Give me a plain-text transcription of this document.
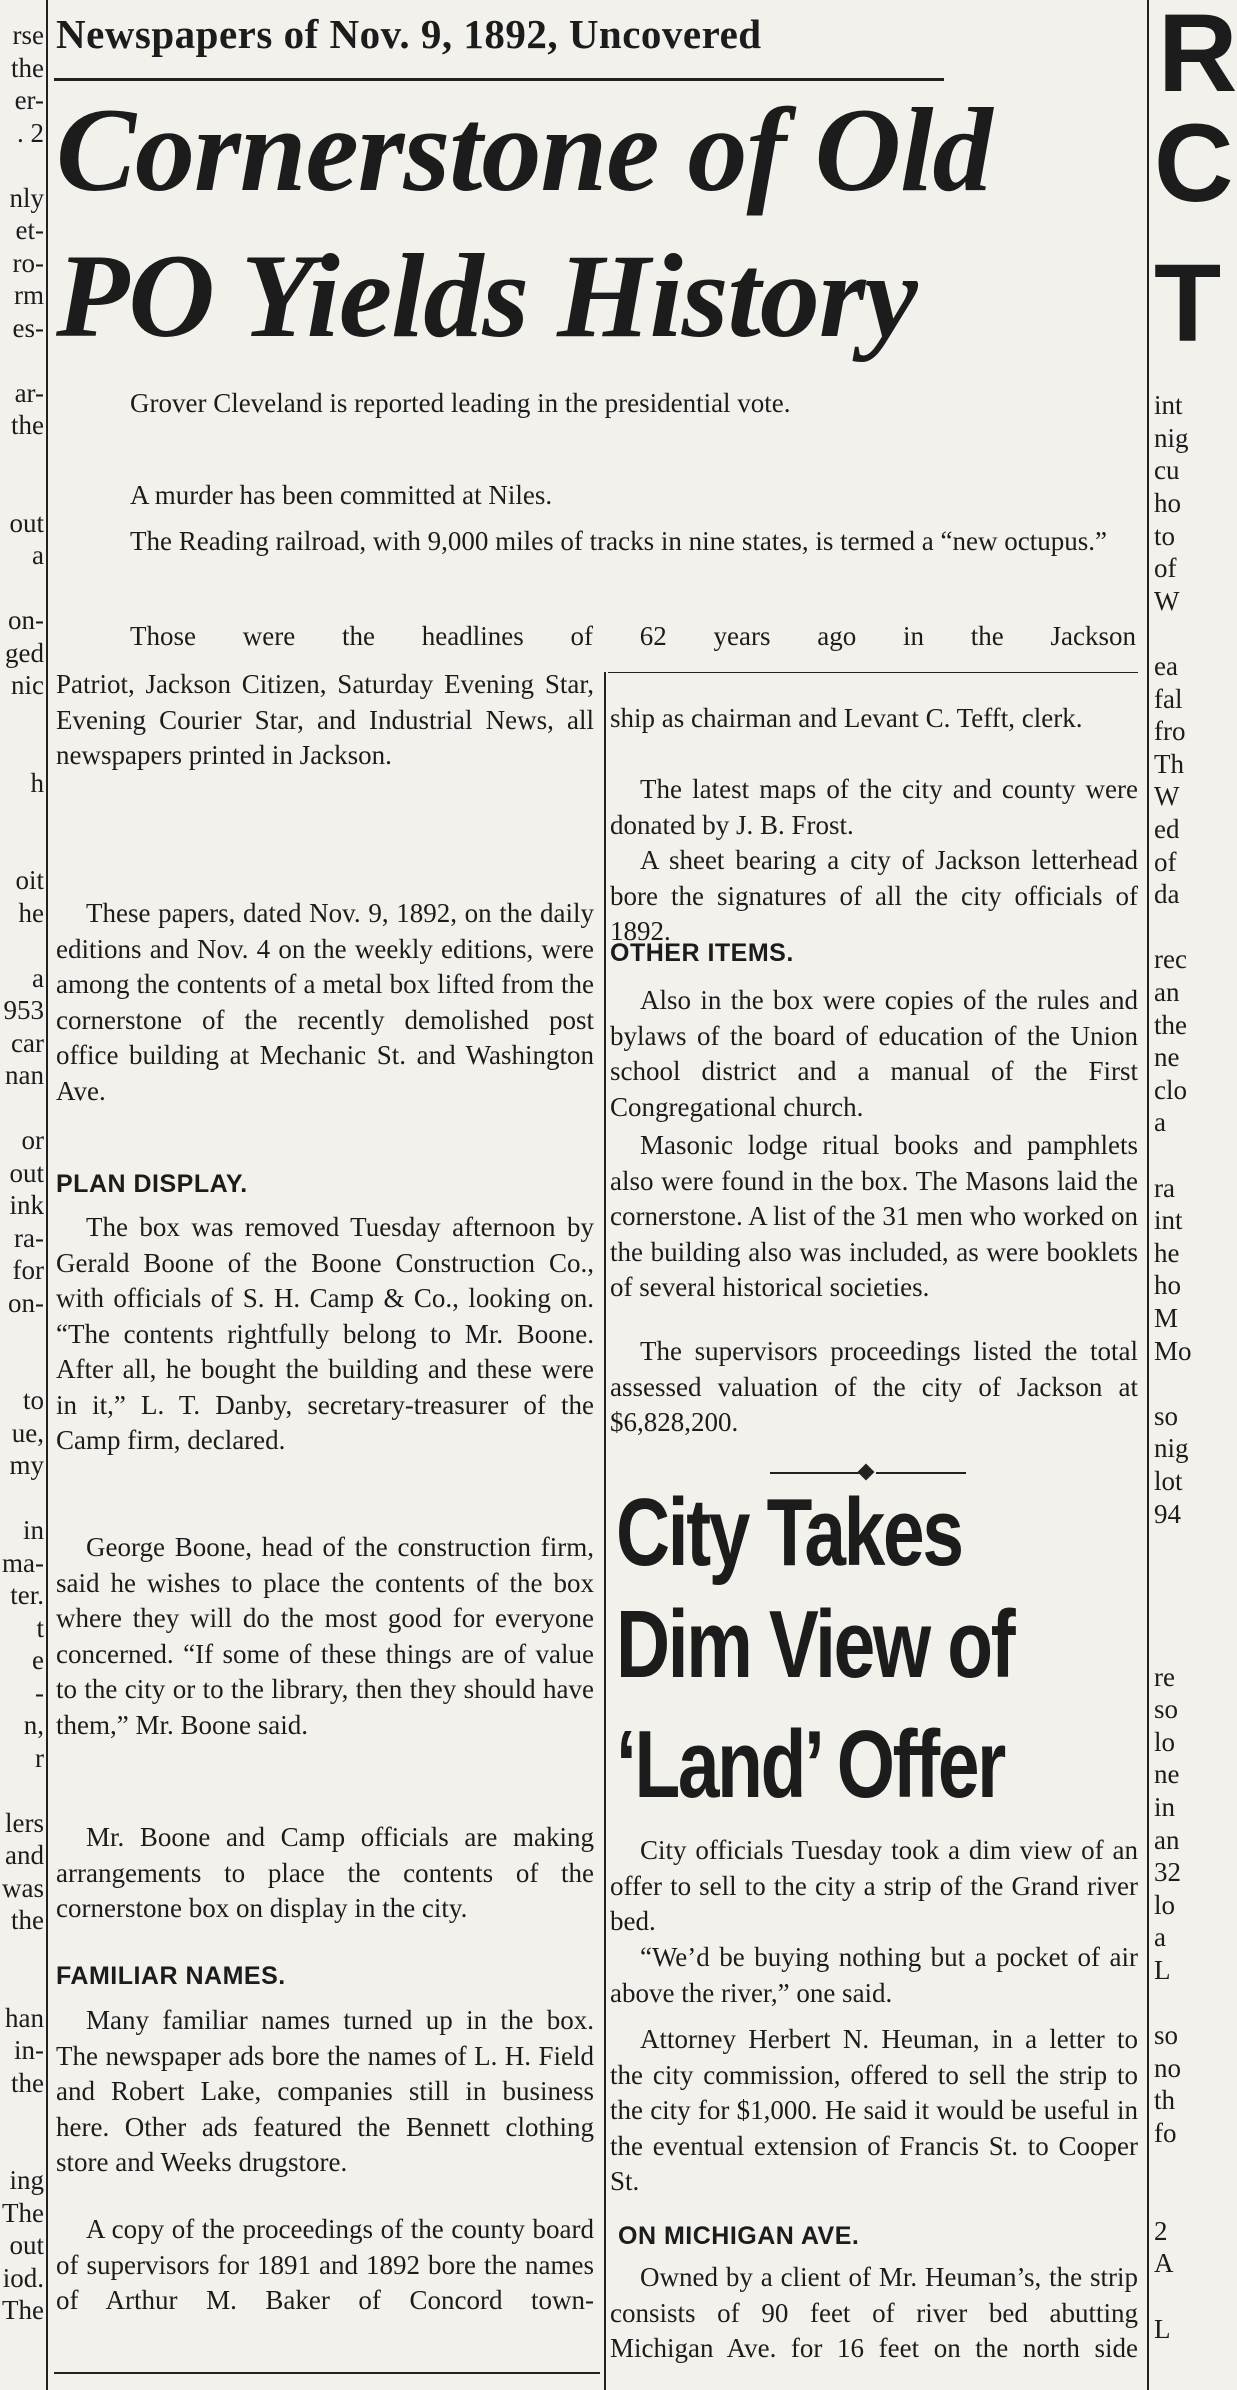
rse
the
er-
. 2
nly
et-
ro-
rm
es-
ar-
the
out
a
on-
ged
nic
h
oit
he
a
953
car
nan
or
out
ink
ra-
for
on-
to
ue,
my
in
ma-
ter.
t
e
-
n,
r
lers
and
was
the
han
in-
the
ing
The
out
iod.
The
R
C
T
int
nig
cu
ho
to
of
W
ea
fal
fro
Th
W
ed
of
da
rec
an
the
ne
clo
a
ra
int
he
ho
M
Mo
so
nig
lot
94
re
so
lo
ne
in
an
32
lo
a
L
so
no
th
fo
2
A
L
Newspapers of Nov. 9, 1892, Uncovered
Cornerstone of Old
PO Yields History

Grover Cleveland is reported leading in the presidential vote.

A murder has been committed at Niles.

The Reading railroad, with 9,000 miles of tracks in nine states, is termed a “new octupus.”

Those were the headlines of 62 years ago in the Jackson

Patriot, Jackson Citizen, Saturday Evening Star, Evening Courier Star, and Industrial News, all newspapers printed in Jackson.

These papers, dated Nov. 9, 1892, on the daily editions and Nov. 4 on the weekly editions, were among the contents of a metal box lifted from the cornerstone of the recently demolished post office building at Mechanic St. and Washington Ave.

PLAN DISPLAY.

The box was removed Tuesday afternoon by Gerald Boone of the Boone Construction Co., with officials of S. H. Camp & Co., looking on. “The contents rightfully belong to Mr. Boone. After all, he bought the building and these were in it,” L. T. Danby, secretary-treasurer of the Camp firm, declared.

George Boone, head of the construction firm, said he wishes to place the contents of the box where they will do the most good for everyone concerned. “If some of these things are of value to the city or to the library, then they should have them,” Mr. Boone said.

Mr. Boone and Camp officials are making arrangements to place the contents of the cornerstone box on display in the city.

FAMILIAR NAMES.

Many familiar names turned up in the box. The newspaper ads bore the names of L. H. Field and Robert Lake, companies still in business here. Other ads featured the Bennett clothing store and Weeks drugstore.

A copy of the proceedings of the county board of supervisors for 1891 and 1892 bore the names of Arthur M. Baker of Concord town-

ship as chairman and Levant C. Tefft, clerk.

The latest maps of the city and county were donated by J. B. Frost.

A sheet bearing a city of Jackson letterhead bore the signatures of all the city officials of 1892.

OTHER ITEMS.

Also in the box were copies of the rules and bylaws of the board of education of the Union school district and a manual of the First Congregational church.

Masonic lodge ritual books and pamphlets also were found in the box. The Masons laid the cornerstone. A list of the 31 men who worked on the building also was included, as were booklets of several historical societies.

The supervisors proceedings listed the total assessed valuation of the city of Jackson at $6,828,200.

City Takes
Dim View of
‘Land’ Offer

City officials Tuesday took a dim view of an offer to sell to the city a strip of the Grand river bed.

“We’d be buying nothing but a pocket of air above the river,” one said.

Attorney Herbert N. Heuman, in a letter to the city commission, offered to sell the strip to the city for $1,000. He said it would be useful in the eventual extension of Francis St. to Cooper St.

ON MICHIGAN AVE.

Owned by a client of Mr. Heuman’s, the strip consists of 90 feet of river bed abutting Michigan Ave. for 16 feet on the north side
